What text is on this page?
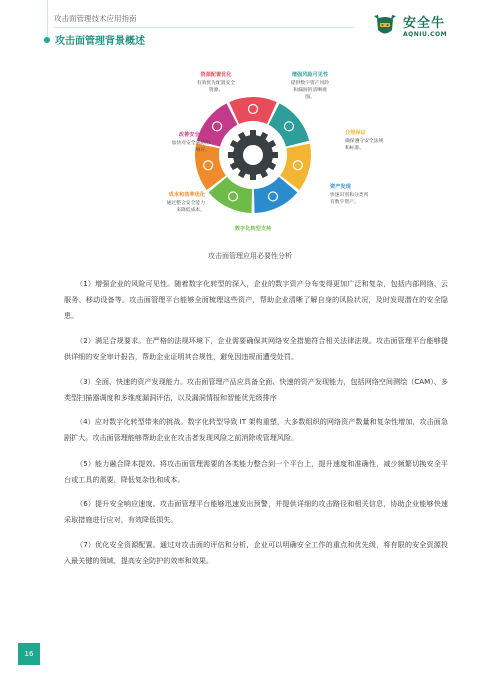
攻击面管理技术应用指南
攻击面管理背景概述
安全牛
AQNIU.COM
资源配置优化
有效优先配置安全
资源。
增强风险可见性
提供数字资产风险
和漏洞的清晰视
图。
合规保证
确保遵守安全法规
和标准。
资产发现
快速识别和分类所
有数字资产。
数字化转型支持
成本和效率优化
通过整合安全能力
来降低成本。
改善安全响应
加快对安全威胁的
响应。
攻击面管理应用必要性分析

（1）增强企业的风险可见性。随着数字化转型的深入，企业的数字资产分布变得更加广泛和复杂，包括内部网络、云服务、移动设备等。攻击面管理平台能够全面梳理这些资产，帮助企业清晰了解自身的风险状况，及时发现潜在的安全隐患。

（2）满足合规要求。在严格的法规环境下，企业需要确保其网络安全措施符合相关法律法规。攻击面管理平台能够提供详细的安全审计报告，帮助企业证明其合规性，避免因违规而遭受处罚。

（3）全面、快速的资产发现能力。攻击面管理产品应具备全面、快速的资产发现能力，包括网络空间测绘（CAM）、多类型扫描器调度和多维度漏洞评估，以及漏洞情报和智能优先级排序

（4）应对数字化转型带来的挑战。数字化转型导致 IT 架构重塑，大多数组织的网络资产数量和复杂性增加，攻击面急剧扩大。攻击面管理能够帮助企业在攻击者发现风险之前消除或管理风险。

（5）能力融合降本提效。将攻击面管理需要的各类能力整合到一个平台上，提升速度和准确性，减少频繁切换安全平台或工具的需要，降低复杂性和成本。

（6）提升安全响应速度。攻击面管理平台能够迅速发出预警，并提供详细的攻击路径和相关信息，协助企业能够快速采取措施进行应对，有效降低损失。

（7）优化安全资源配置。通过对攻击面的评估和分析，企业可以明确安全工作的重点和优先级，将有限的安全资源投入最关键的领域，提高安全防护的效率和效果。

16
